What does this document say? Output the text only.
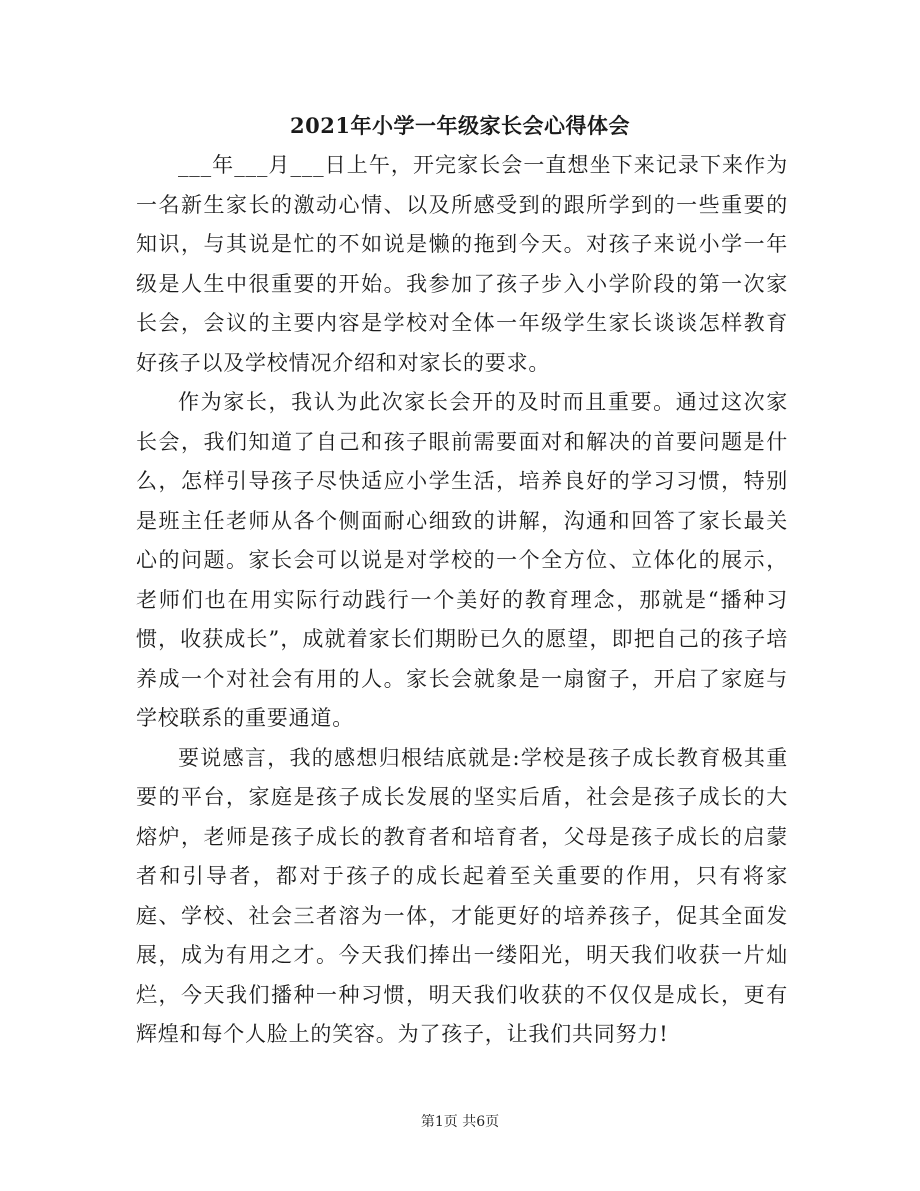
2021年小学一年级家长会心得体会

___年___月___日上午，开完家长会一直想坐下来记录下来作为一名新生家长的激动心情、以及所感受到的跟所学到的一些重要的知识，与其说是忙的不如说是懒的拖到今天。对孩子来说小学一年级是人生中很重要的开始。我参加了孩子步入小学阶段的第一次家长会，会议的主要内容是学校对全体一年级学生家长谈谈怎样教育好孩子以及学校情况介绍和对家长的要求。

作为家长，我认为此次家长会开的及时而且重要。通过这次家长会，我们知道了自己和孩子眼前需要面对和解决的首要问题是什么，怎样引导孩子尽快适应小学生活，培养良好的学习习惯，特别是班主任老师从各个侧面耐心细致的讲解，沟通和回答了家长最关心的问题。家长会可以说是对学校的一个全方位、立体化的展示，老师们也在用实际行动践行一个美好的教育理念，那就是“播种习惯，收获成长”，成就着家长们期盼已久的愿望，即把自己的孩子培养成一个对社会有用的人。家长会就象是一扇窗子，开启了家庭与学校联系的重要通道。

要说感言，我的感想归根结底就是:学校是孩子成长教育极其重要的平台，家庭是孩子成长发展的坚实后盾，社会是孩子成长的大熔炉，老师是孩子成长的教育者和培育者，父母是孩子成长的启蒙者和引导者，都对于孩子的成长起着至关重要的作用，只有将家庭、学校、社会三者溶为一体，才能更好的培养孩子，促其全面发展，成为有用之才。今天我们捧出一缕阳光，明天我们收获一片灿烂，今天我们播种一种习惯，明天我们收获的不仅仅是成长，更有辉煌和每个人脸上的笑容。为了孩子，让我们共同努力!

第1页 共6页
